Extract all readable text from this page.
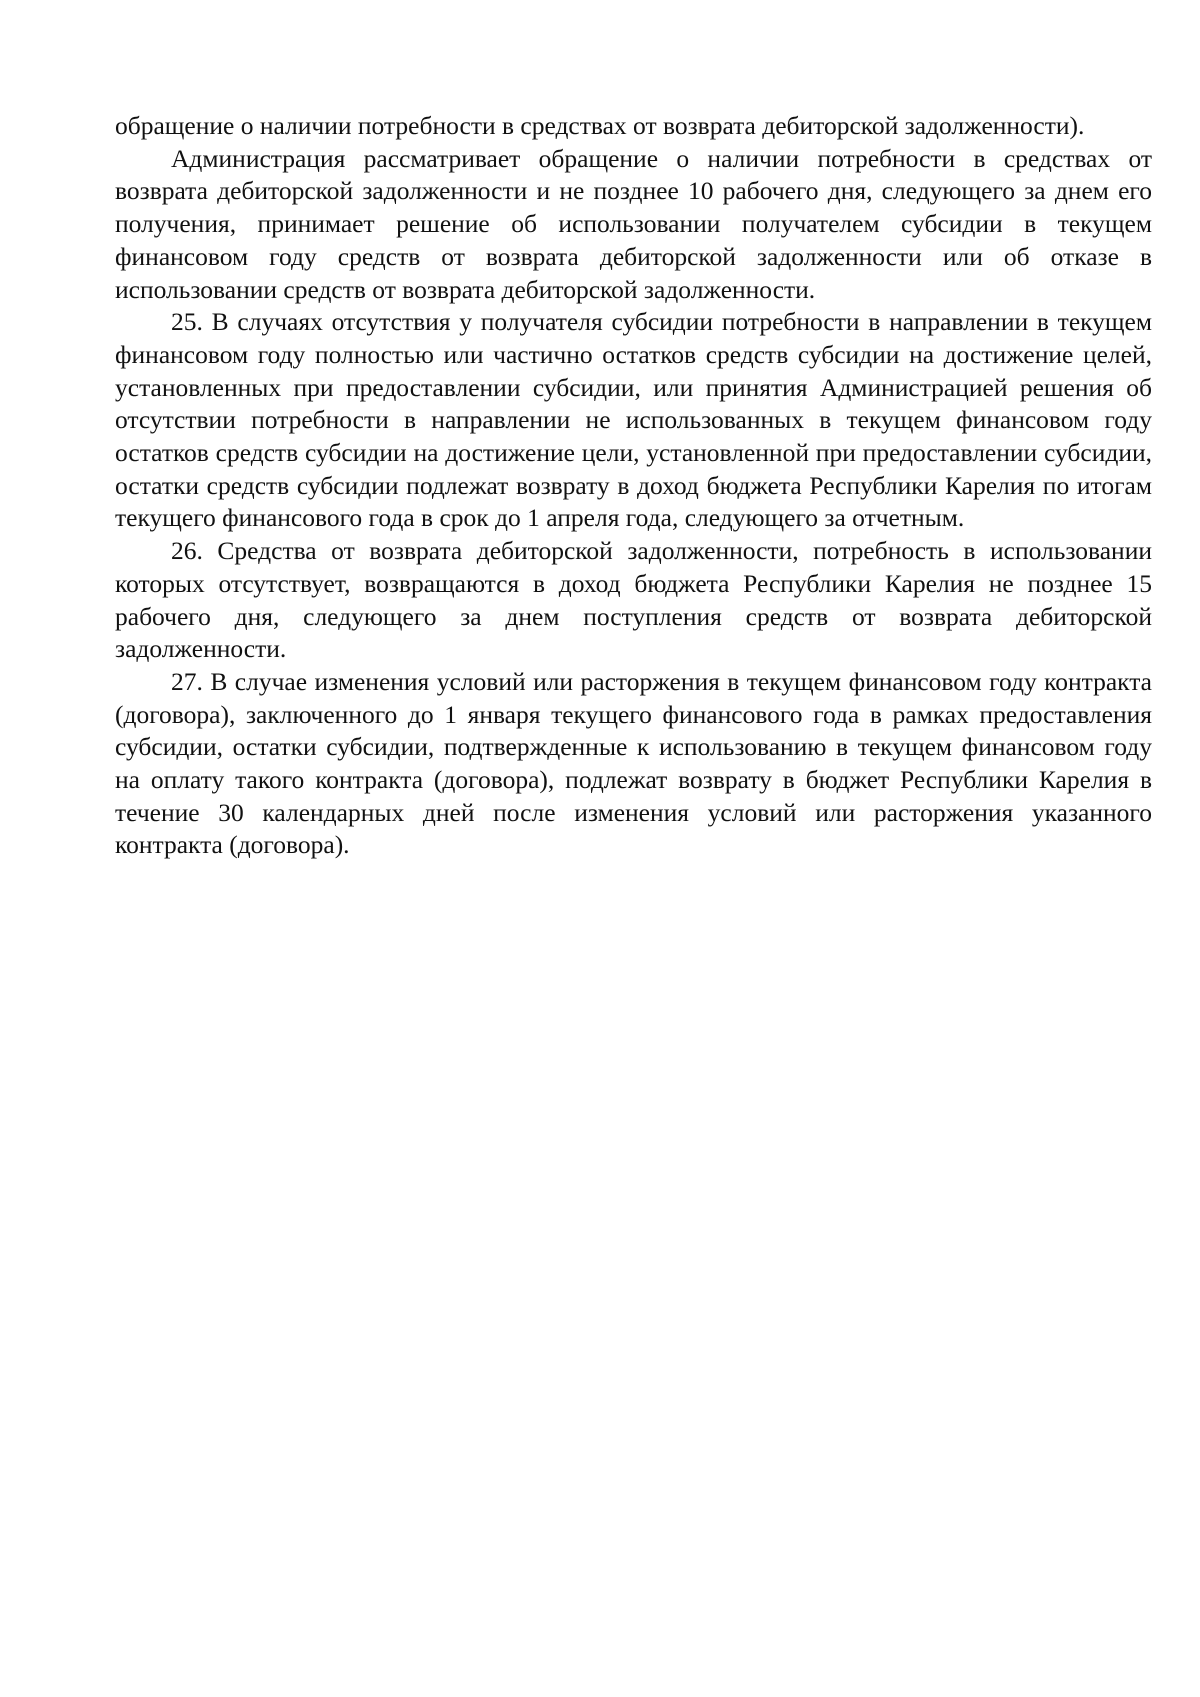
обращение о наличии потребности в средствах от возврата дебиторской задолженности).

Администрация рассматривает обращение о наличии потребности в средствах от возврата дебиторской задолженности и не позднее 10 рабочего дня, следующего за днем его получения, принимает решение об использовании получателем субсидии в текущем финансовом году средств от возврата дебиторской задолженности или об отказе в использовании средств от возврата дебиторской задолженности.

25. В случаях отсутствия у получателя субсидии потребности в направлении в текущем финансовом году полностью или частично остатков средств субсидии на достижение целей, установленных при предоставлении субсидии, или принятия Администрацией решения об отсутствии потребности в направлении не использованных в текущем финансовом году остатков средств субсидии на достижение цели, установленной при предоставлении субсидии, остатки средств субсидии подлежат возврату в доход бюджета Республики Карелия по итогам текущего финансового года в срок до 1 апреля года, следующего за отчетным.

26. Средства от возврата дебиторской задолженности, потребность в использовании которых отсутствует, возвращаются в доход бюджета Республики Карелия не позднее 15 рабочего дня, следующего за днем поступления средств от возврата дебиторской задолженности.

27. В случае изменения условий или расторжения в текущем финансовом году контракта (договора), заключенного до 1 января текущего финансового года в рамках предоставления субсидии, остатки субсидии, подтвержденные к использованию в текущем финансовом году на оплату такого контракта (договора), подлежат возврату в бюджет Республики Карелия в течение 30 календарных дней после изменения условий или расторжения указанного контракта (договора).
